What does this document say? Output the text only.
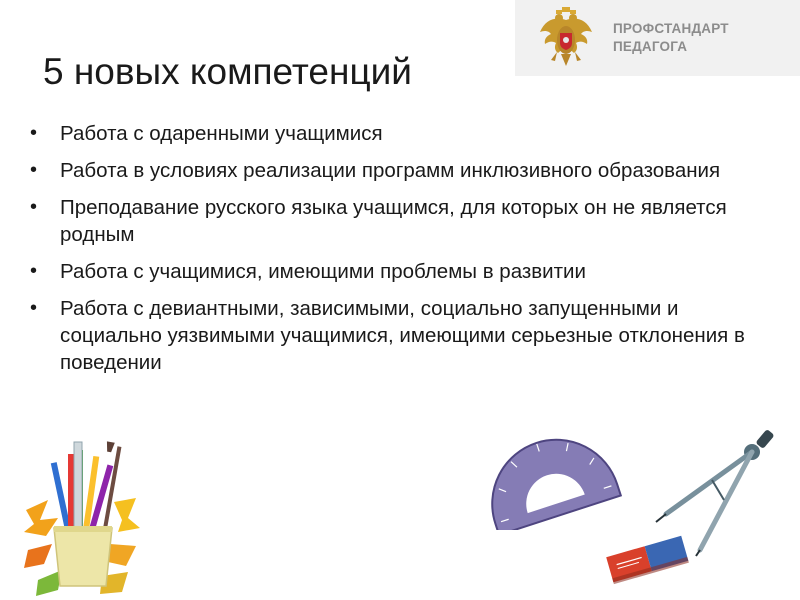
ПРОФСТАНДАРТ
ПЕДАГОГА
5 новых компетенций
• Работа с одаренными учащимися
• Работа в условиях реализации программ инклюзивного образования
• Преподавание русского языка учащимся, для которых он не является родным
• Работа с учащимися, имеющими проблемы в развитии
• Работа с девиантными, зависимыми, социально запущенными и социально уязвимыми учащимися, имеющими серьезные отклонения в поведении
